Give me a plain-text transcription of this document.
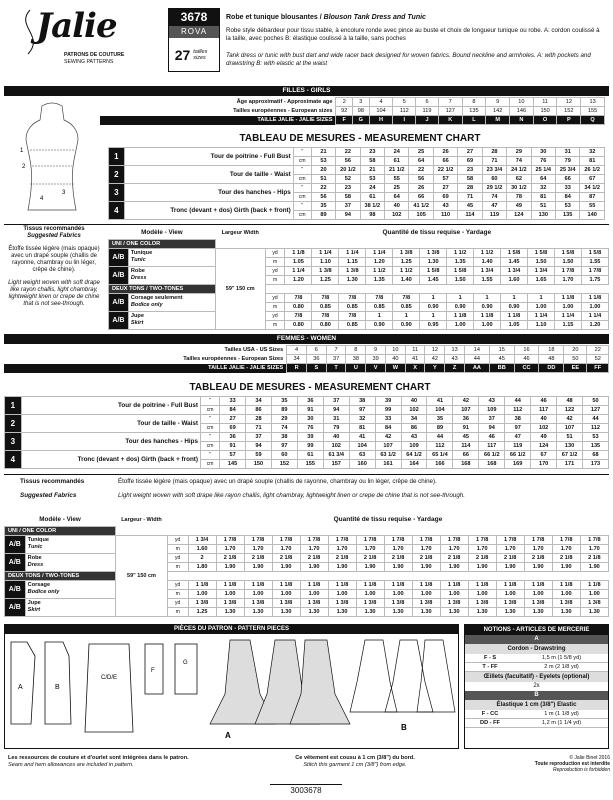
Jalie
PATRONS DE COUTURE
SEWING PATTERNS
3678
ROVA
27 tailles sizes
Robe et tunique blousantes / Blouson Tank Dress and Tunic
Robe style débardeur pour tissu stable, à encolure ronde avec pince au buste et choix de longueur tunique ou robe. A: cordon coulissé à la taille, avec poches B: élastique coulissé à la taille, sans poches
Tank dress or tunic with bust dart and wide racer back designed for woven fabrics. Bound neckline and armholes. A: with pockets and drawstring B: with elastic at the waist
FILLES - GIRLS
1
2
3
4
Âge approximatif - Approximate age	2	3	4	5	6	7	8	9	10	11	12	13
Tailles européennes - European sizes	92	98	104	112	119	127	135	142	146	150	152	155
TAILLE JALIE - JALIE SIZES	F	G	H	I	J	K	L	M	N	O	P	Q
TABLEAU DE MESURES - MEASUREMENT CHART
1	Tour de poitrine - Full Bust	"	21	22	23	24	25	26	27	28	29	30	31	32
		cm	53	56	58	61	64	66	69	71	74	76	79	81
2	Tour de taille - Waist	"	20	20 1/2	21	21 1/2	22	22 1/2	23	23 3/4	24 1/2	25 1/4	25 3/4	26 1/2
		cm	51	52	53	55	56	57	58	60	62	64	66	67
3	Tour des hanches - Hips	"	22	23	24	25	26	27	28	29 1/2	30 1/2	32	33	34 1/2
		cm	56	58	61	64	66	69	71	74	78	81	84	87
4	Tronc (devant + dos) Girth (back + front)	"	35	37	38 1/2	40	41 1/2	43	45	47	49	51	53	55
		cm	89	94	98	102	105	110	114	119	124	130	135	140
Tissus recommandés
Suggested Fabrics
Étoffe tissée légère (mais opaque) avec un drapé souple (challis de rayonne, chambray ou lin léger, crêpe de chine).
Light weight woven with soft drape like rayon challis, light chambray, lightweight linen or crepe de chine that is not see-through.
Modèle - View		Largeur Width	Quantité de tissu requise - Yardage												
UNI / ONE COLOR															
A/B	Tunique
Tunic	59" 150 cm	yd	1 1/8	1 1/4	1 1/4	1 1/4	1 3/8	1 3/8	1 1/2	1 1/2	1 5/8	1 5/8	1 5/8	1 5/8
			m	1.05	1.10	1.15	1.20	1.25	1.30	1.35	1.40	1.45	1.50	1.50	1.55
A/B	Robe
Dress		yd	1 1/4	1 3/8	1 3/8	1 1/2	1 1/2	1 5/8	1 5/8	1 3/4	1 3/4	1 3/4	1 7/8	1 7/8
			m	1.20	1.25	1.30	1.35	1.40	1.45	1.50	1.55	1.60	1.65	1.70	1.75
DEUX TONS / TWO-TONES															
A/B	Corsage seulement
Bodice only		yd	7/8	7/8	7/8	7/8	7/8	1	1	1	1	1	1 1/8	1 1/8
			m	0.80	0.85	0.85	0.85	0.85	0.90	0.90	0.90	0.90	1.00	1.00	1.00
A/B	Jupe
Skirt		yd	7/8	7/8	7/8	1	1	1	1 1/8	1 1/8	1 1/8	1 1/4	1 1/4	1 1/4
			m	0.80	0.80	0.85	0.90	0.90	0.95	1.00	1.00	1.05	1.10	1.15	1.20
FEMMES - WOMEN
Tailles USA - US Sizes	4	6	7	8	9	10	11	12	13	14	15	16	18	20	22
Tailles européennes - European Sizes	34	36	37	38	39	40	41	42	43	44	45	46	48	50	52
TAILLE JALIE - JALIE SIZES	R	S	T	U	V	W	X	Y	Z	AA	BB	CC	DD	EE	FF
TABLEAU DE MESURES - MEASUREMENT CHART
1	Tour de poitrine - Full Bust	"	33	34	35	36	37	38	39	40	41	42	43	44	46	48	50
		cm	84	86	89	91	94	97	99	102	104	107	109	112	117	122	127
2	Tour de taille - Waist	"	27	28	29	30	31	32	33	34	35	36	37	38	40	42	44
		cm	69	71	74	76	79	81	84	86	89	91	94	97	102	107	112
3	Tour des hanches - Hips	"	36	37	38	39	40	41	42	43	44	45	46	47	49	51	53
		cm	91	94	97	99	102	104	107	109	112	114	117	119	124	130	135
4	Tronc (devant + dos) Girth (back + front)	"	57	59	60	61	61 3/4	63	63 1/2	64 1/2	65 1/4	66	66 1/2	66 1/2	67	67 1/2	68
		cm	145	150	152	155	157	160	161	164	166	168	168	169	170	171	173
Tissus recommandés
Suggested Fabrics
Étoffe tissée légère (mais opaque) avec un drapé souple (challis de rayonne, chambray ou lin léger, crêpe de chine).
Light weight woven with soft drape like rayon challis, light chambray, lightweight linen or crepe de chine that is not see-through.
Modèle - View		Largeur - Width	Quantité de tissu requise - Yardage															
UNI / ONE COLOR																		
A/B	Tunique
Tunic	59" 150 cm	yd	1 3/4	1 7/8	1 7/8	1 7/8	1 7/8	1 7/8	1 7/8	1 7/8	1 7/8	1 7/8	1 7/8	1 7/8	1 7/8	1 7/8	1 7/8
			m	1.60	1.70	1.70	1.70	1.70	1.70	1.70	1.70	1.70	1.70	1.70	1.70	1.70	1.70	1.70
A/B	Robe
Dress		yd	2	2 1/8	2 1/8	2 1/8	2 1/8	2 1/8	2 1/8	2 1/8	2 1/8	2 1/8	2 1/8	2 1/8	2 1/8	2 1/8	2 1/8
			m	1.80	1.90	1.90	1.90	1.90	1.90	1.90	1.90	1.90	1.90	1.90	1.90	1.90	1.90	1.90
DEUX TONS / TWO-TONES																		
A/B	Corsage
Bodice only		yd	1 1/8	1 1/8	1 1/8	1 1/8	1 1/8	1 1/8	1 1/8	1 1/8	1 1/8	1 1/8	1 1/8	1 1/8	1 1/8	1 1/8	1 1/8
			m	1.00	1.00	1.00	1.00	1.00	1.00	1.00	1.00	1.00	1.00	1.00	1.00	1.00	1.00	1.00
A/B	Jupe
Skirt		yd	1 3/8	1 3/8	1 3/8	1 3/8	1 3/8	1 3/8	1 3/8	1 3/8	1 3/8	1 3/8	1 3/8	1 3/8	1 3/8	1 3/8	1 3/8
			m	1.25	1.30	1.30	1.30	1.30	1.30	1.30	1.30	1.30	1.30	1.30	1.30	1.30	1.30	1.30
PIÈCES DU PATRON - PATTERN PIECES
A	B
C/D/E
F
G
A
B
NOTIONS - ARTICLES DE MERCERIE
A
Cordon - Drawstring
F - S	1,5 m (1 5/8 yd)
T - FF	2 m (2 1/8 yd)
Œillets (facultatif) - Eyelets (optional)
2x
B
Élastique 1 cm (3/8") Elastic
F - CC	1 m (1 1/8 yd)
DD - FF	1,2 m (1 1/4 yd)
Les ressources de couture et d'ourlet sont intégrées dans le patron.
Seam and hem allowances are included in pattern.
Ce vêtement est cousu à 1 cm (3/8") du bord.
Stitch this garment 1 cm (3/8") from edge.
© Jalie Binet 2016
Toute reproduction est interdite
Reproduction is forbidden
3003678
